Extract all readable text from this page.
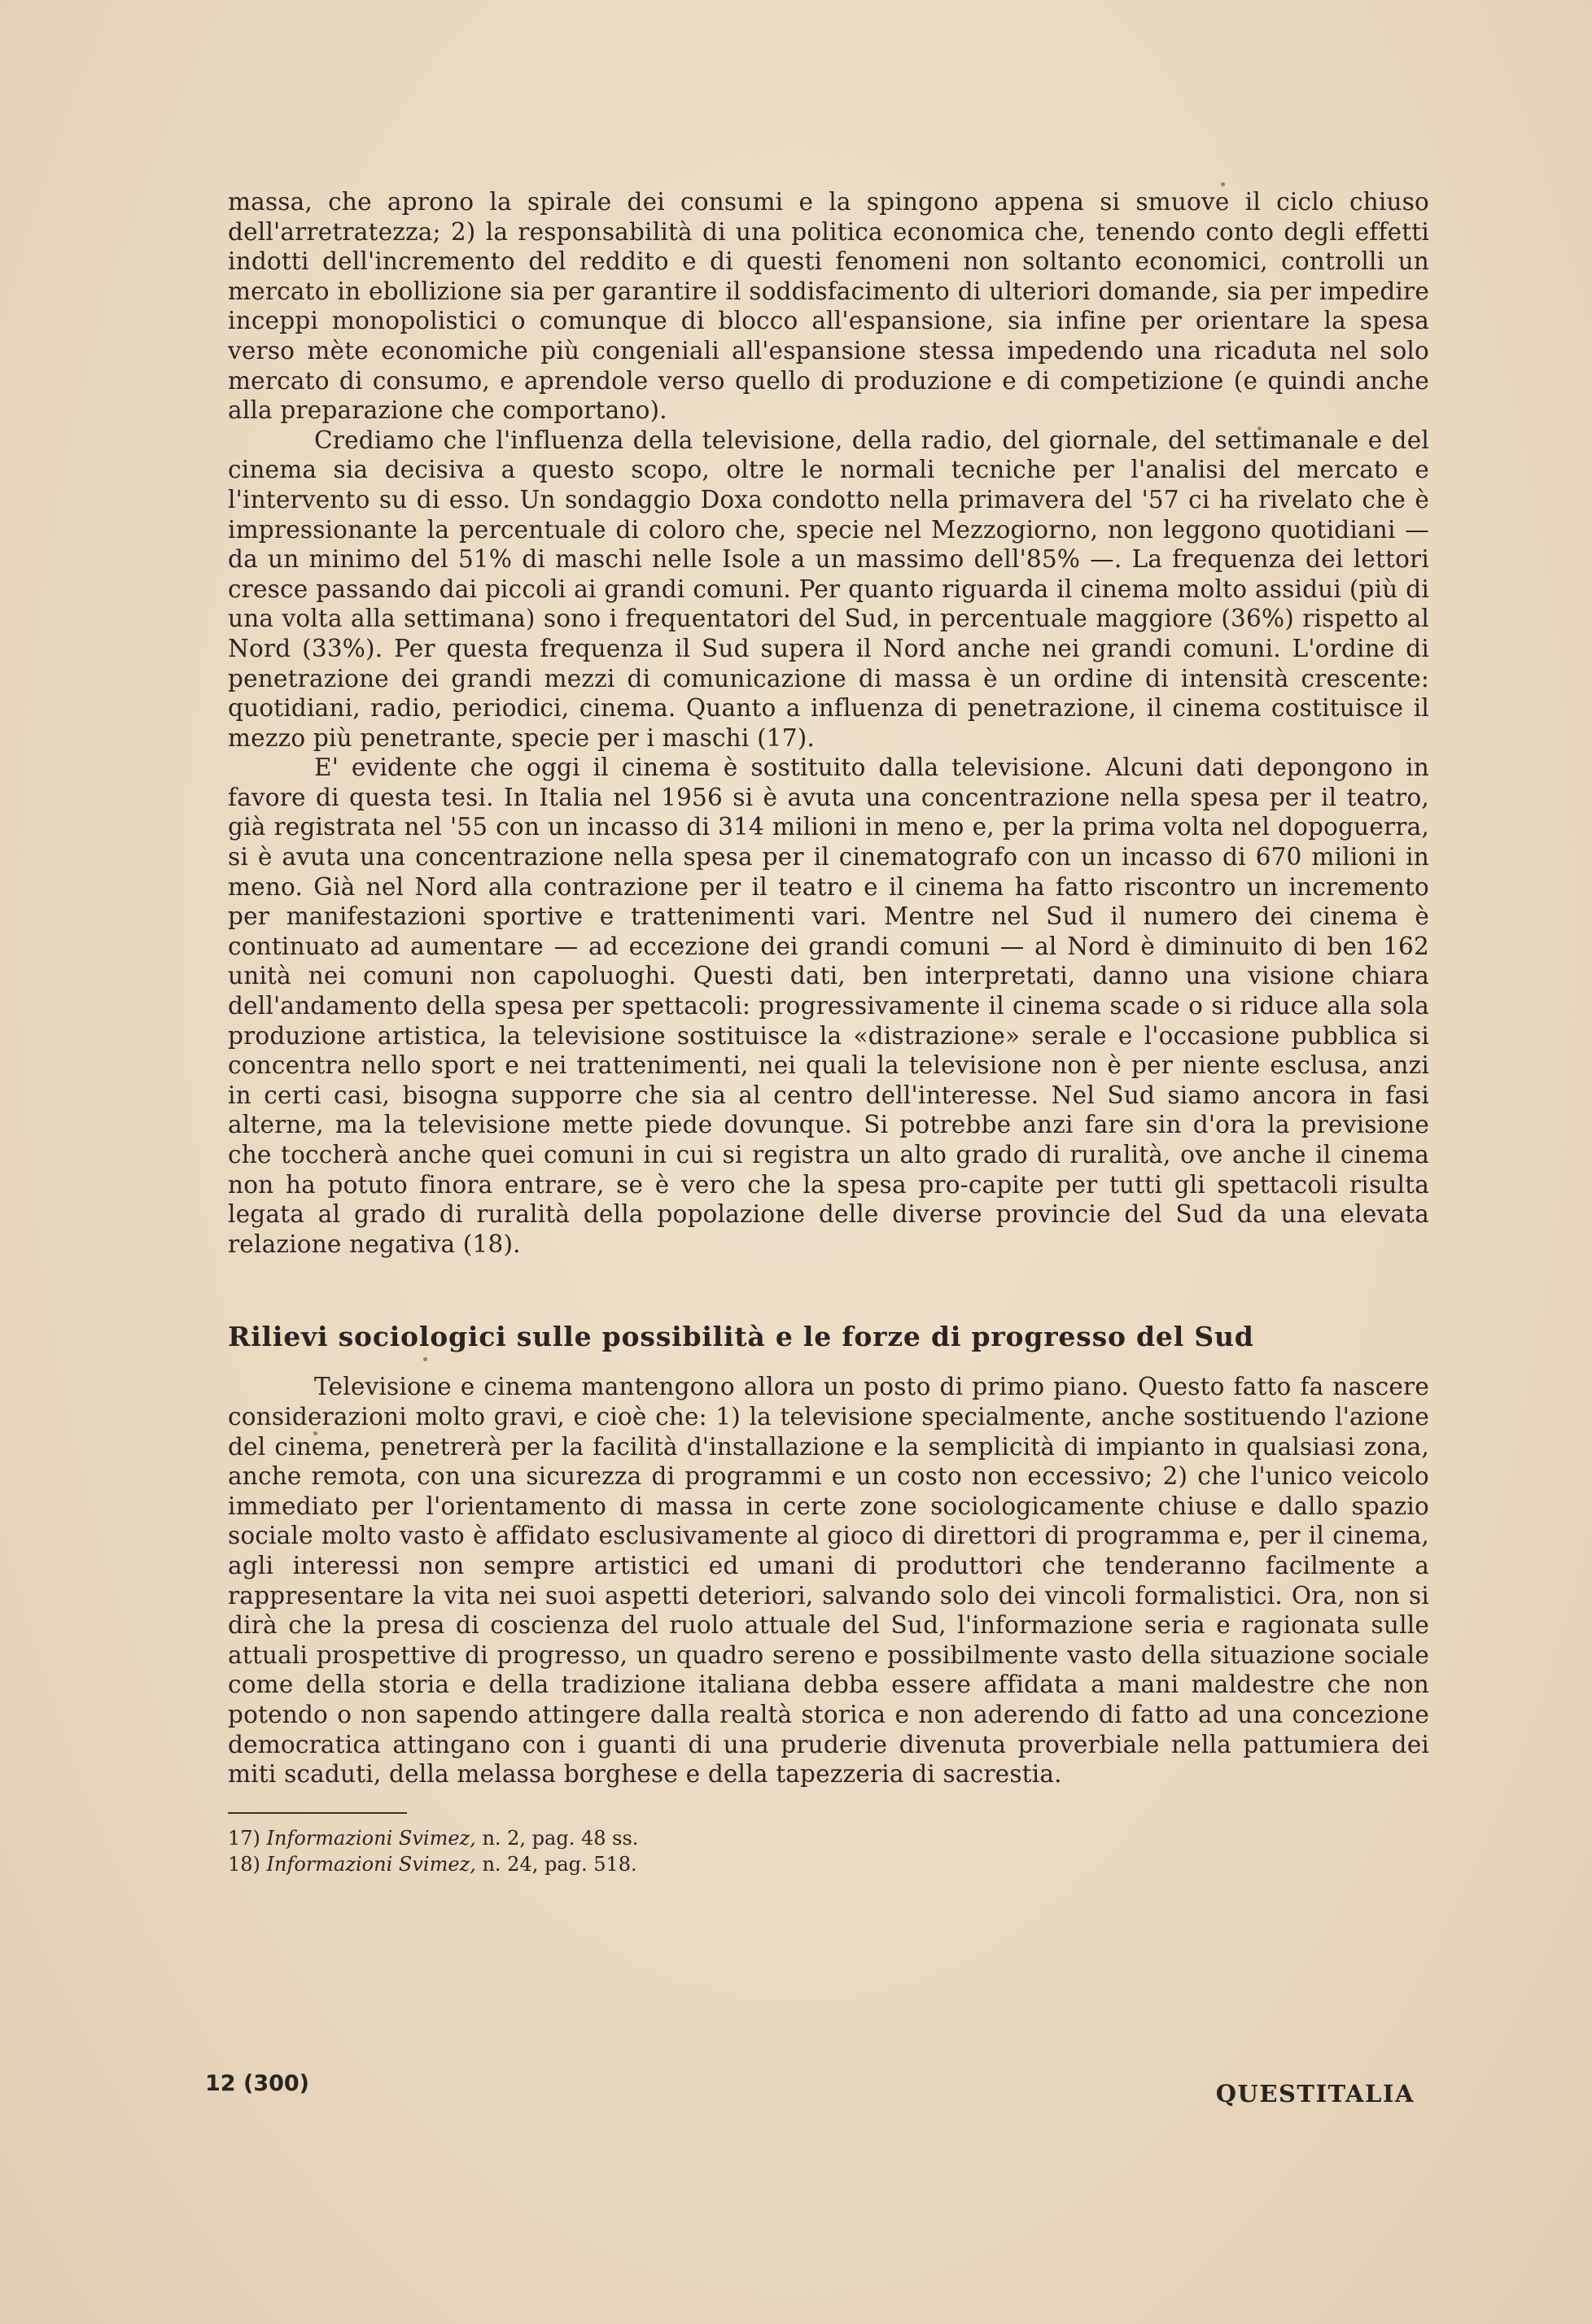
massa, che aprono la spirale dei consumi e la spingono appena si smuove il ciclo chiuso dell'arretratezza; 2) la responsabilità di una politica economica che, tenendo conto degli effetti indotti dell'incremento del reddito e di questi fenomeni non soltanto economici, controlli un mercato in ebollizione sia per garantire il soddisfacimento di ulteriori domande, sia per impedire inceppi monopolistici o comunque di blocco all'espansione, sia infine per orientare la spesa verso mète economiche più congeniali all'espansione stessa impedendo una ricaduta nel solo mercato di consumo, e aprendole verso quello di produzione e di competizione (e quindi anche alla preparazione che comportano).

Crediamo che l'influenza della televisione, della radio, del giornale, del settimanale e del cinema sia decisiva a questo scopo, oltre le normali tecniche per l'analisi del mercato e l'intervento su di esso. Un sondaggio Doxa condotto nella primavera del '57 ci ha rivelato che è impressionante la percentuale di coloro che, specie nel Mezzogiorno, non leggono quotidiani — da un minimo del 51% di maschi nelle Isole a un massimo dell'85% —. La frequenza dei lettori cresce passando dai piccoli ai grandi comuni. Per quanto riguarda il cinema molto assidui (più di una volta alla settimana) sono i frequentatori del Sud, in percentuale maggiore (36%) rispetto al Nord (33%). Per questa frequenza il Sud supera il Nord anche nei grandi comuni. L'ordine di penetrazione dei grandi mezzi di comunicazione di massa è un ordine di intensità crescente: quotidiani, radio, periodici, cinema. Quanto a influenza di penetrazione, il cinema costituisce il mezzo più penetrante, specie per i maschi (17).

E' evidente che oggi il cinema è sostituito dalla televisione. Alcuni dati depongono in favore di questa tesi. In Italia nel 1956 si è avuta una concentrazione nella spesa per il teatro, già registrata nel '55 con un incasso di 314 milioni in meno e, per la prima volta nel dopoguerra, si è avuta una concentrazione nella spesa per il cinematografo con un incasso di 670 milioni in meno. Già nel Nord alla contrazione per il teatro e il cinema ha fatto riscontro un incremento per manifestazioni sportive e trattenimenti vari. Mentre nel Sud il numero dei cinema è continuato ad aumentare — ad eccezione dei grandi comuni — al Nord è diminuito di ben 162 unità nei comuni non capoluoghi. Questi dati, ben interpretati, danno una visione chiara dell'andamento della spesa per spettacoli: progressivamente il cinema scade o si riduce alla sola produzione artistica, la televisione sostituisce la «distrazione» serale e l'occasione pubblica si concentra nello sport e nei trattenimenti, nei quali la televisione non è per niente esclusa, anzi in certi casi, bisogna supporre che sia al centro dell'interesse. Nel Sud siamo ancora in fasi alterne, ma la televisione mette piede dovunque. Si potrebbe anzi fare sin d'ora la previsione che toccherà anche quei comuni in cui si registra un alto grado di ruralità, ove anche il cinema non ha potuto finora entrare, se è vero che la spesa pro-capite per tutti gli spettacoli risulta legata al grado di ruralità della popolazione delle diverse provincie del Sud da una elevata relazione negativa (18).

Rilievi sociologici sulle possibilità e le forze di progresso del Sud

Televisione e cinema mantengono allora un posto di primo piano. Questo fatto fa nascere considerazioni molto gravi, e cioè che: 1) la televisione specialmente, anche sostituendo l'azione del cinema, penetrerà per la facilità d'installazione e la semplicità di impianto in qualsiasi zona, anche remota, con una sicurezza di programmi e un costo non eccessivo; 2) che l'unico veicolo immediato per l'orientamento di massa in certe zone sociologicamente chiuse e dallo spazio sociale molto vasto è affidato esclusivamente al gioco di direttori di programma e, per il cinema, agli interessi non sempre artistici ed umani di produttori che tenderanno facilmente a rappresentare la vita nei suoi aspetti deteriori, salvando solo dei vincoli formalistici. Ora, non si dirà che la presa di coscienza del ruolo attuale del Sud, l'informazione seria e ragionata sulle attuali prospettive di progresso, un quadro sereno e possibilmente vasto della situazione sociale come della storia e della tradizione italiana debba essere affidata a mani maldestre che non potendo o non sapendo attingere dalla realtà storica e non aderendo di fatto ad una concezione democratica attingano con i guanti di una pruderie divenuta proverbiale nella pattumiera dei miti scaduti, della melassa borghese e della tapezzeria di sacrestia.

17) Informazioni Svimez, n. 2, pag. 48 ss.

18) Informazioni Svimez, n. 24, pag. 518.

12 (300)	QUESTITALIA
